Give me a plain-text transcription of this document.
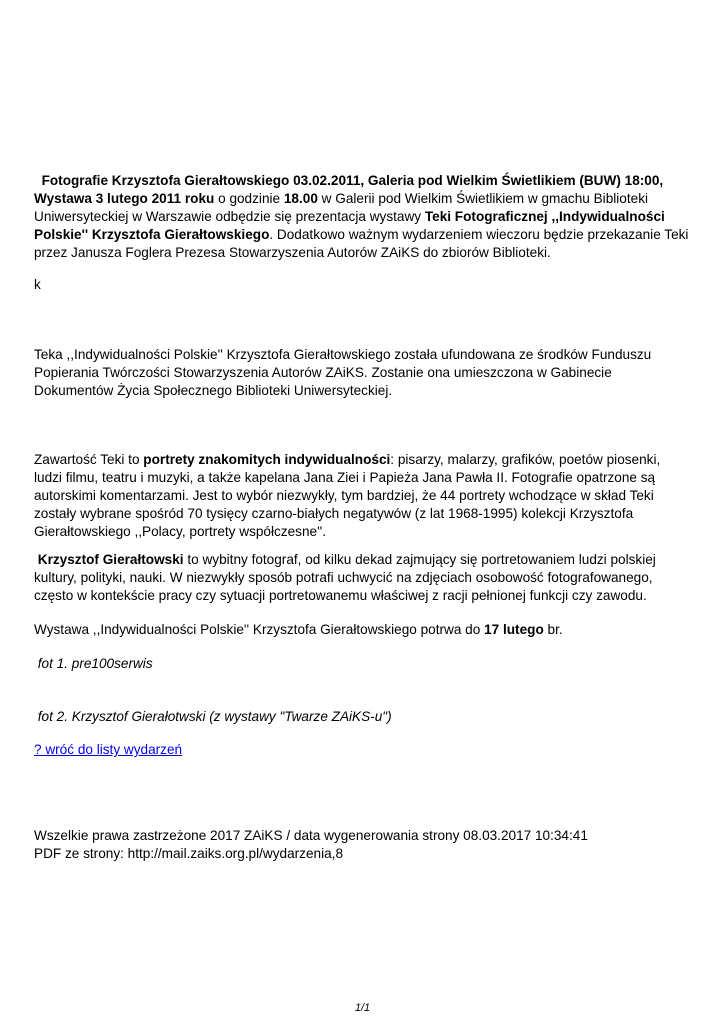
Fotografie Krzysztofa Gierałtowskiego 03.02.2011, Galeria pod Wielkim Świetlikiem (BUW) 18:00,
Wystawa 3 lutego 2011 roku o godzinie 18.00 w Galerii pod Wielkim Świetlikiem w gmachu Biblioteki
Uniwersyteckiej w Warszawie odbędzie się prezentacja wystawy Teki Fotograficznej ,,Indywidualności
Polskie'' Krzysztofa Gierałtowskiego. Dodatkowo ważnym wydarzeniem wieczoru będzie przekazanie Teki
przez Janusza Foglera Prezesa Stowarzyszenia Autorów ZAiKS do zbiorów Biblioteki.
k
Teka ,,Indywidualności Polskie'' Krzysztofa Gierałtowskiego została ufundowana ze środków Funduszu
Popierania Twórczości Stowarzyszenia Autorów ZAiKS. Zostanie ona umieszczona w Gabinecie
Dokumentów Życia Społecznego Biblioteki Uniwersyteckiej.
Zawartość Teki to portrety znakomitych indywidualności: pisarzy, malarzy, grafików, poetów piosenki,
ludzi filmu, teatru i muzyki, a także kapelana Jana Ziei i Papieża Jana Pawła II. Fotografie opatrzone są
autorskimi komentarzami. Jest to wybór niezwykły, tym bardziej, że 44 portrety wchodzące w skład Teki
zostały wybrane spośród 70 tysięcy czarno-białych negatywów (z lat 1968-1995) kolekcji Krzysztofa
Gierałtowskiego ,,Polacy, portrety współczesne''.
Krzysztof Gierałtowski to wybitny fotograf, od kilku dekad zajmujący się portretowaniem ludzi polskiej
kultury, polityki, nauki. W niezwykły sposób potrafi uchwycić na zdjęciach osobowość fotografowanego,
często w kontekście pracy czy sytuacji portretowanemu właściwej z racji pełnionej funkcji czy zawodu.
Wystawa ,,Indywidualności Polskie'' Krzysztofa Gierałtowskiego potrwa do 17 lutego br.
fot 1. pre100serwis
fot 2. Krzysztof Gierałotwski (z wystawy "Twarze ZAiKS-u")
? wróć do listy wydarzeń
Wszelkie prawa zastrzeżone 2017 ZAiKS / data wygenerowania strony 08.03.2017 10:34:41
PDF ze strony: http://mail.zaiks.org.pl/wydarzenia,8
1/1
